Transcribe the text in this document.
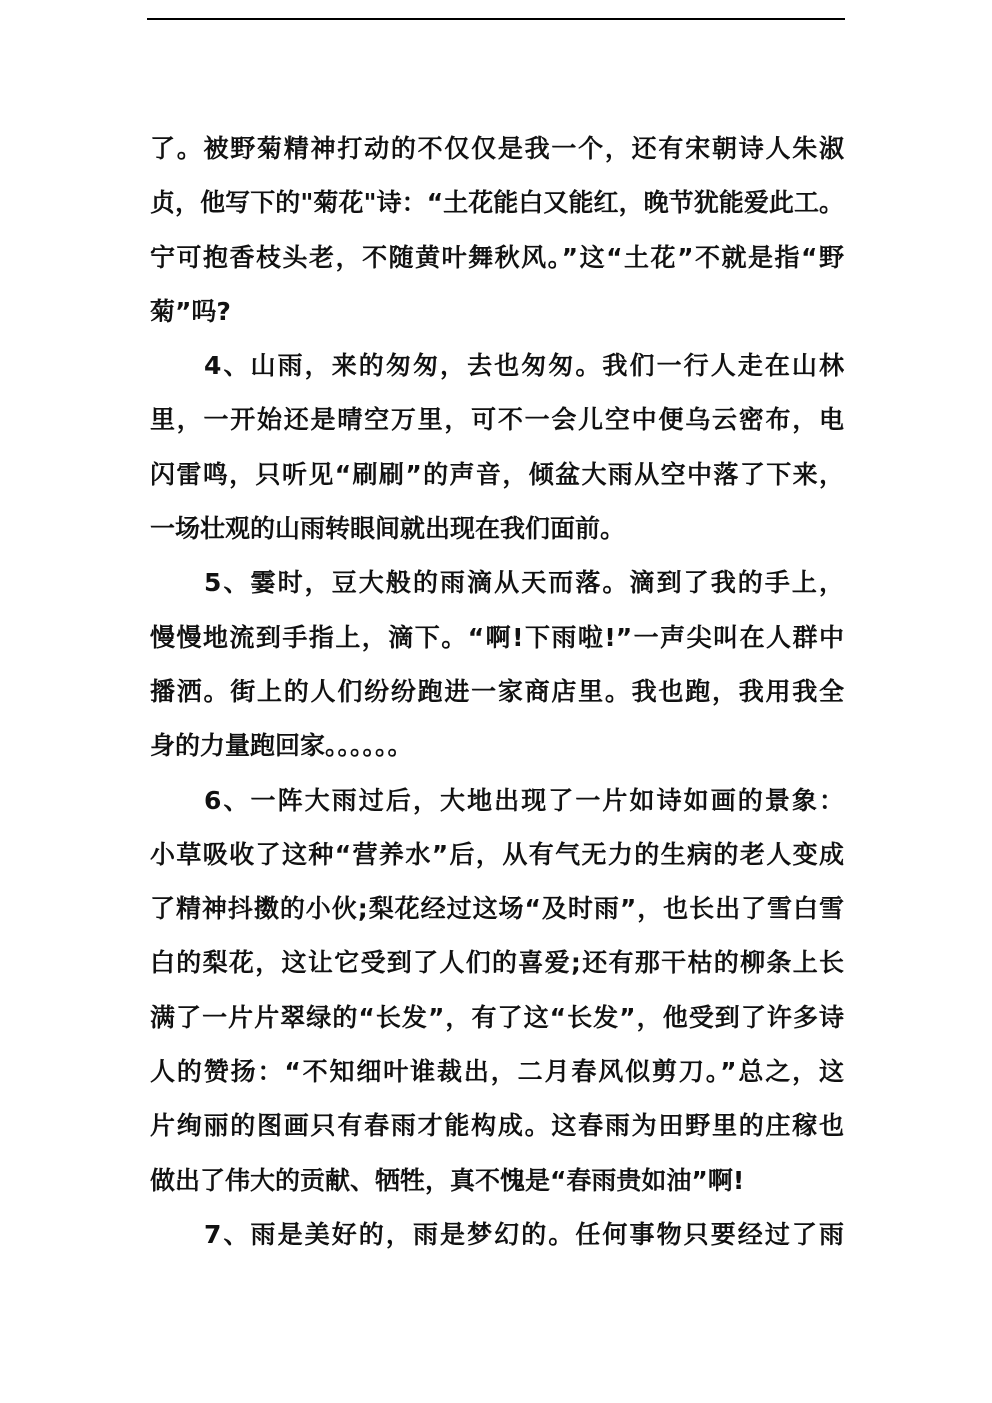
了。被野菊精神打动的不仅仅是我一个，还有宋朝诗人朱淑
贞，他写下的"菊花"诗：“土花能白又能红，晚节犹能爱此工。
宁可抱香枝头老，不随黄叶舞秋风。”这“土花”不就是指“野
菊”吗?
4、山雨，来的匆匆，去也匆匆。我们一行人走在山林
里，一开始还是晴空万里，可不一会儿空中便乌云密布，电
闪雷鸣，只听见“刷刷”的声音，倾盆大雨从空中落了下来，
一场壮观的山雨转眼间就出现在我们面前。
5、霎时，豆大般的雨滴从天而落。滴到了我的手上，
慢慢地流到手指上，滴下。“啊!下雨啦!”一声尖叫在人群中
播洒。街上的人们纷纷跑进一家商店里。我也跑，我用我全
身的力量跑回家。。。。。。
6、一阵大雨过后，大地出现了一片如诗如画的景象：
小草吸收了这种“营养水”后，从有气无力的生病的老人变成
了精神抖擞的小伙;梨花经过这场“及时雨”，也长出了雪白雪
白的梨花，这让它受到了人们的喜爱;还有那干枯的柳条上长
满了一片片翠绿的“长发”，有了这“长发”，他受到了许多诗
人的赞扬：“不知细叶谁裁出，二月春风似剪刀。”总之，这
片绚丽的图画只有春雨才能构成。这春雨为田野里的庄稼也
做出了伟大的贡献、牺牲，真不愧是“春雨贵如油”啊!
7、雨是美好的，雨是梦幻的。任何事物只要经过了雨
